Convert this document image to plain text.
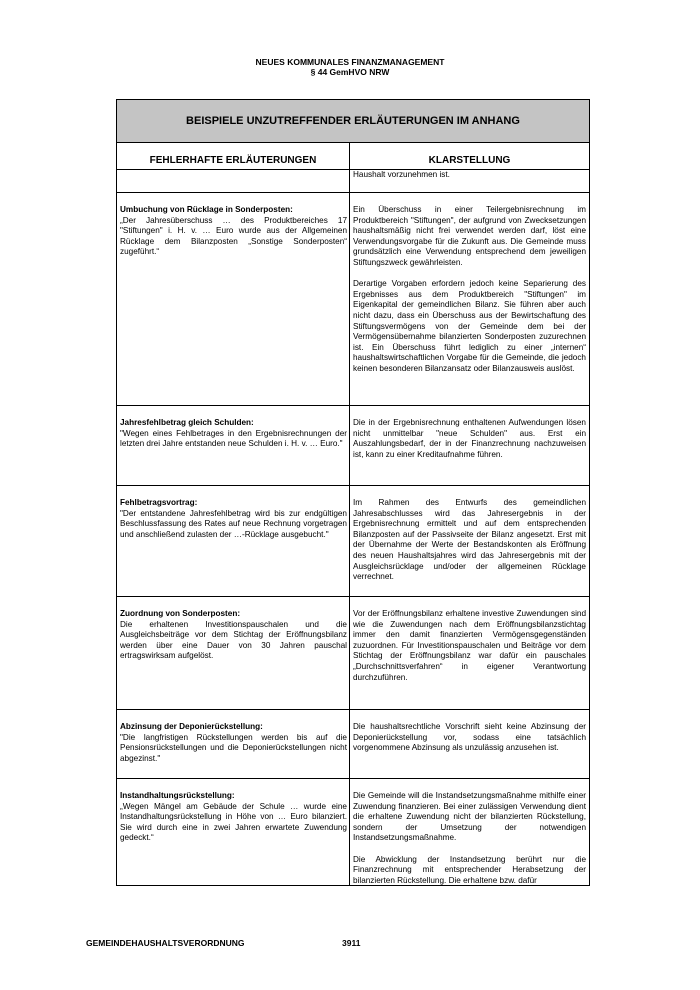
NEUES KOMMUNALES FINANZMANAGEMENT
§ 44 GemHVO NRW
BEISPIELE UNZUTREFFENDER ERLÄUTERUNGEN IM ANHANG
FEHLERHAFTE ERLÄUTERUNGEN	KLARSTELLUNG
Haushalt vorzunehmen ist.
Umbuchung von Rücklage in Sonderposten:
„Der Jahresüberschuss … des Produktbereiches 17 "Stiftungen" i. H. v. … Euro wurde aus der Allgemeinen Rücklage dem Bilanzposten „Sonstige Sonderposten“ zugeführt.“
Ein Überschuss in einer Teilergebnisrechnung im Produktbereich "Stiftungen", der aufgrund von Zwecksetzungen haushaltsmäßig nicht frei verwendet werden darf, löst eine Verwendungsvorgabe für die Zukunft aus. Die Gemeinde muss grundsätzlich eine Verwendung entsprechend dem jeweiligen Stiftungszweck gewährleisten.
Derartige Vorgaben erfordern jedoch keine Separierung des Ergebnisses aus dem Produktbereich "Stiftungen" im Eigenkapital der gemeindlichen Bilanz. Sie führen aber auch nicht dazu, dass ein Überschuss aus der Bewirtschaftung des Stiftungsvermögens von der Gemeinde dem bei der Vermögensübernahme bilanzierten Sonderposten zuzurechnen ist. Ein Überschuss führt lediglich zu einer „internen“ haushaltswirtschaftlichen Vorgabe für die Gemeinde, die jedoch keinen besonderen Bilanzansatz oder Bilanzausweis auslöst.
Jahresfehlbetrag gleich Schulden:
"Wegen eines Fehlbetrages in den Ergebnisrechnungen der letzten drei Jahre entstanden neue Schulden i. H. v. … Euro."
Die in der Ergebnisrechnung enthaltenen Aufwendungen lösen nicht unmittelbar "neue Schulden" aus. Erst ein Auszahlungsbedarf, der in der Finanzrechnung nachzuweisen ist, kann zu einer Kreditaufnahme führen.
Fehlbetragsvortrag:
"Der entstandene Jahresfehlbetrag wird bis zur endgültigen Beschlussfassung des Rates auf neue Rechnung vorgetragen und anschließend zulasten der …-Rücklage ausgebucht."
Im Rahmen des Entwurfs des gemeindlichen Jahresabschlusses wird das Jahresergebnis in der Ergebnisrechnung ermittelt und auf dem entsprechenden Bilanzposten auf der Passivseite der Bilanz angesetzt. Erst mit der Übernahme der Werte der Bestandskonten als Eröffnung des neuen Haushaltsjahres wird das Jahresergebnis mit der Ausgleichsrücklage und/oder der allgemeinen Rücklage verrechnet.
Zuordnung von Sonderposten:
Die erhaltenen Investitionspauschalen und die Ausgleichsbeiträge vor dem Stichtag der Eröffnungsbilanz werden über eine Dauer von 30 Jahren pauschal ertragswirksam aufgelöst.
Vor der Eröffnungsbilanz erhaltene investive Zuwendungen sind wie die Zuwendungen nach dem Eröffnungsbilanzstichtag immer den damit finanzierten Vermögensgegenständen zuzuordnen. Für Investitionspauschalen und Beiträge vor dem Stichtag der Eröffnungsbilanz war dafür ein pauschales „Durchschnittsverfahren“ in eigener Verantwortung durchzuführen.
Abzinsung der Deponierückstellung:
"Die langfristigen Rückstellungen werden bis auf die Pensionsrückstellungen und die Deponierückstellungen nicht abgezinst."
Die haushaltsrechtliche Vorschrift sieht keine Abzinsung der Deponierückstellung vor, sodass eine tatsächlich vorgenommene Abzinsung als unzulässig anzusehen ist.
Instandhaltungsrückstellung:
„Wegen Mängel am Gebäude der Schule … wurde eine Instandhaltungsrückstellung in Höhe von … Euro bilanziert. Sie wird durch eine in zwei Jahren erwartete Zuwendung gedeckt.“
Die Gemeinde will die Instandsetzungsmaßnahme mithilfe einer Zuwendung finanzieren. Bei einer zulässigen Verwendung dient die erhaltene Zuwendung nicht der bilanzierten Rückstellung, sondern der Umsetzung der notwendigen Instandsetzungsmaßnahme.
Die Abwicklung der Instandsetzung berührt nur die Finanzrechnung mit entsprechender Herabsetzung der bilanzierten Rückstellung. Die erhaltene bzw. dafür
GEMEINDEHAUSHALTSVERORDNUNG	3911
